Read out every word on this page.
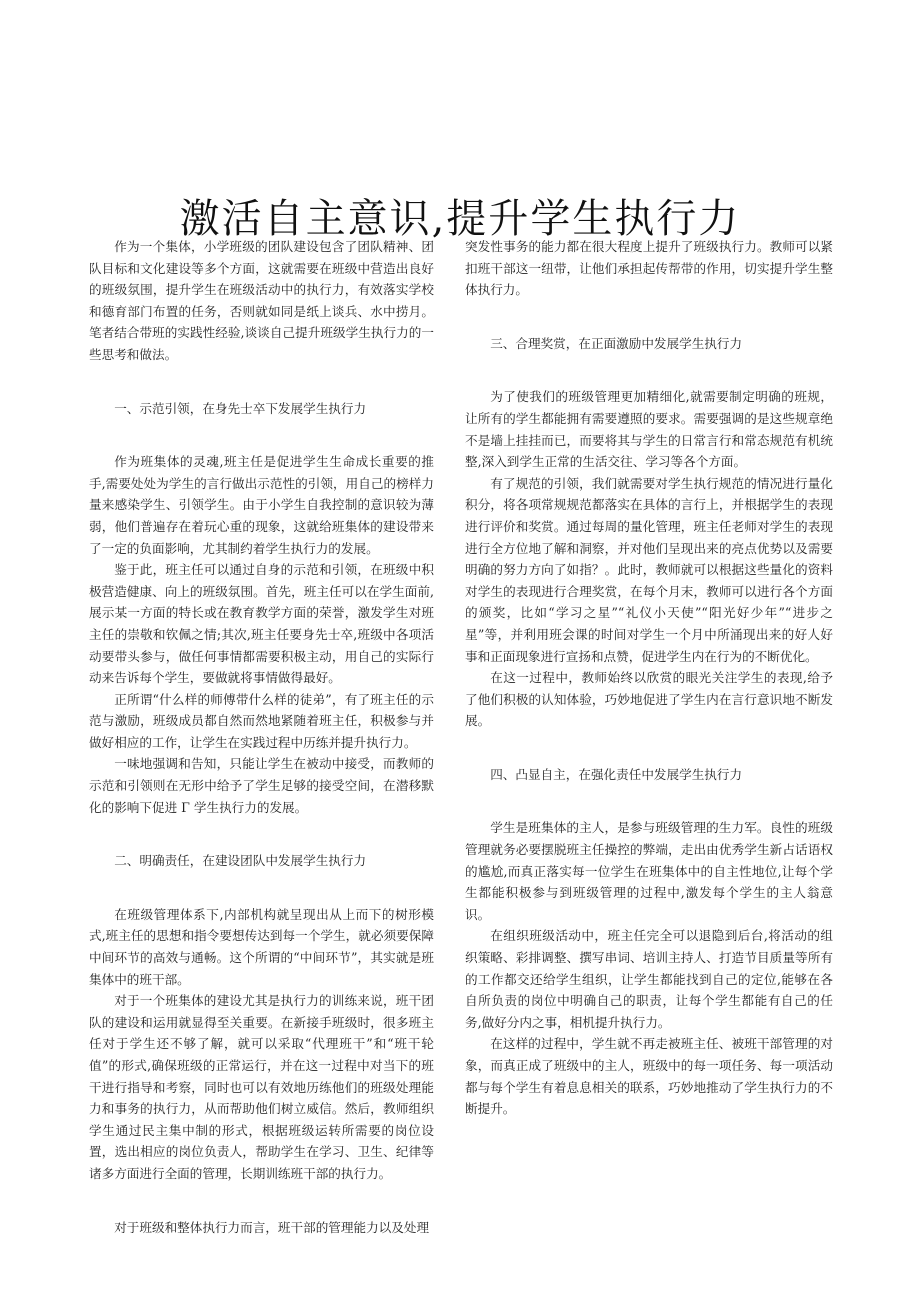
激活自主意识,提升学生执行力

作为一个集体，小学班级的团队建设包含了团队精神、团队目标和文化建设等多个方面，这就需要在班级中营造出良好的班级氛围，提升学生在班级活动中的执行力，有效落实学校和德育部门布置的任务，否则就如同是纸上谈兵、水中捞月。笔者结合带班的实践性经验,谈谈自己提升班级学生执行力的一些思考和做法。

一、示范引领，在身先士卒下发展学生执行力

作为班集体的灵魂,班主任是促进学生生命成长重要的推手,需要处处为学生的言行做出示范性的引领，用自己的榜样力量来感染学生、引领学生。由于小学生自我控制的意识较为薄弱，他们普遍存在着玩心重的现象，这就给班集体的建设带来了一定的负面影响，尤其制约着学生执行力的发展。

鉴于此，班主任可以通过自身的示范和引领，在班级中积极营造健康、向上的班级氛围。首先，班主任可以在学生面前,展示某一方面的特长或在教育教学方面的荣誉，激发学生对班主任的崇敬和钦佩之情;其次,班主任要身先士卒,班级中各项活动要带头参与，做任何事情都需要积极主动，用自己的实际行动来告诉每个学生，要做就将事情做得最好。

正所谓“什么样的师傅带什么样的徒弟”，有了班主任的示范与激励，班级成员都自然而然地紧随着班主任，积极参与并做好相应的工作，让学生在实践过程中历练并提升执行力。

一味地强调和告知，只能让学生在被动中接受，而教师的示范和引领则在无形中给予了学生足够的接受空间，在潜移默化的影响下促进 Γ 学生执行力的发展。

二、明确责任，在建设团队中发展学生执行力

在班级管理体系下,内部机构就呈现出从上而下的树形模式,班主任的思想和指令要想传达到每一个学生，就必须要保障中间环节的高效与通畅。这个所谓的“中间环节”，其实就是班集体中的班干部。

对于一个班集体的建设尤其是执行力的训练来说，班干团队的建设和运用就显得至关重要。在新接手班级时，很多班主任对于学生还不够了解，就可以采取“代理班干”和“班干轮值”的形式,确保班级的正常运行，并在这一过程中对当下的班干进行指导和考察，同时也可以有效地历练他们的班级处理能力和事务的执行力，从而帮助他们树立威信。然后，教师组织学生通过民主集中制的形式，根据班级运转所需要的岗位设置，选出相应的岗位负责人，帮助学生在学习、卫生、纪律等诸多方面进行全面的管理，长期训练班干部的执行力。

对于班级和整体执行力而言，班干部的管理能力以及处理

突发性事务的能力都在很大程度上提升了班级执行力。教师可以紧扣班干部这一纽带，让他们承担起传帮带的作用，切实提升学生整体执行力。

三、合理奖赏，在正面激励中发展学生执行力

为了使我们的班级管理更加精细化,就需要制定明确的班规，让所有的学生都能拥有需要遵照的要求。需要强调的是这些规章绝不是墙上挂挂而已，而要将其与学生的日常言行和常态规范有机统整,深入到学生正常的生活交往、学习等各个方面。

有了规范的引领，我们就需要对学生执行规范的情况进行量化积分，将各项常规规范都落实在具体的言行上，并根据学生的表现进行评价和奖赏。通过每周的量化管理，班主任老师对学生的表现进行全方位地了解和洞察，并对他们呈现出来的亮点优势以及需要明确的努力方向了如指？。此时，教师就可以根据这些量化的资料对学生的表现进行合理奖赏，在每个月末，教师可以进行各个方面的颁奖，比如“学习之星”“礼仪小天使”“阳光好少年”“进步之星”等，并利用班会课的时间对学生一个月中所涌现出来的好人好事和正面现象进行宣扬和点赞，促进学生内在行为的不断优化。

在这一过程中，教师始终以欣赏的眼光关注学生的表现,给予了他们积极的认知体验，巧妙地促进了学生内在言行意识地不断发展。

四、凸显自主，在强化责任中发展学生执行力

学生是班集体的主人，是参与班级管理的生力军。良性的班级管理就务必要摆脱班主任操控的弊端，走出由优秀学生新占话语权的尴尬,而真正落实每一位学生在班集体中的自主性地位,让每个学生都能积极参与到班级管理的过程中,激发每个学生的主人翁意识。

在组织班级活动中，班主任完全可以退隐到后台,将活动的组织策略、彩排调整、撰写串词、培训主持人、打造节目质量等所有的工作都交还给学生组织，让学生都能找到自己的定位,能够在各自所负责的岗位中明确自己的职责，让每个学生都能有自己的任务,做好分内之事，相机提升执行力。

在这样的过程中，学生就不再走被班主任、被班干部管理的对象，而真正成了班级中的主人，班级中的每一项任务、每一项活动都与每个学生有着息息相关的联系，巧妙地推动了学生执行力的不断提升。
